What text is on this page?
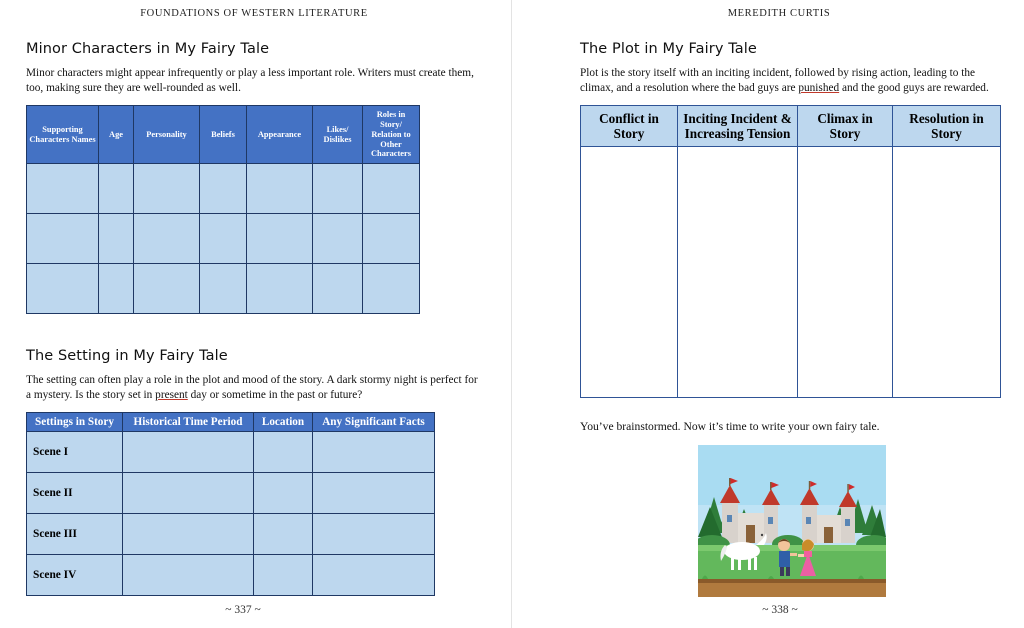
FOUNDATIONS OF WESTERN LITERATURE
Minor Characters in My Fairy Tale

Minor characters might appear infrequently or play a less important role. Writers must create them, too, making sure they are well-rounded as well.

Supporting Characters Names	Age	Personality	Beliefs	Appearance	Likes/ Dislikes	Roles in Story/ Relation to Other Characters

The Setting in My Fairy Tale

The setting can often play a role in the plot and mood of the story. A dark stormy night is perfect for a mystery. Is the story set in present day or sometime in the past or future?

Settings in Story	Historical Time Period	Location	Any Significant Facts
Scene I			
Scene II			
Scene III			
Scene IV			
~ 337 ~
MEREDITH CURTIS
The Plot in My Fairy Tale

Plot is the story itself with an inciting incident, followed by rising action, leading to the climax, and a resolution where the bad guys are punished and the good guys are rewarded.

Conflict in Story	Inciting Incident & Increasing Tension	Climax in Story	Resolution in Story

You’ve brainstormed. Now it’s time to write your own fairy tale.

~ 338 ~
